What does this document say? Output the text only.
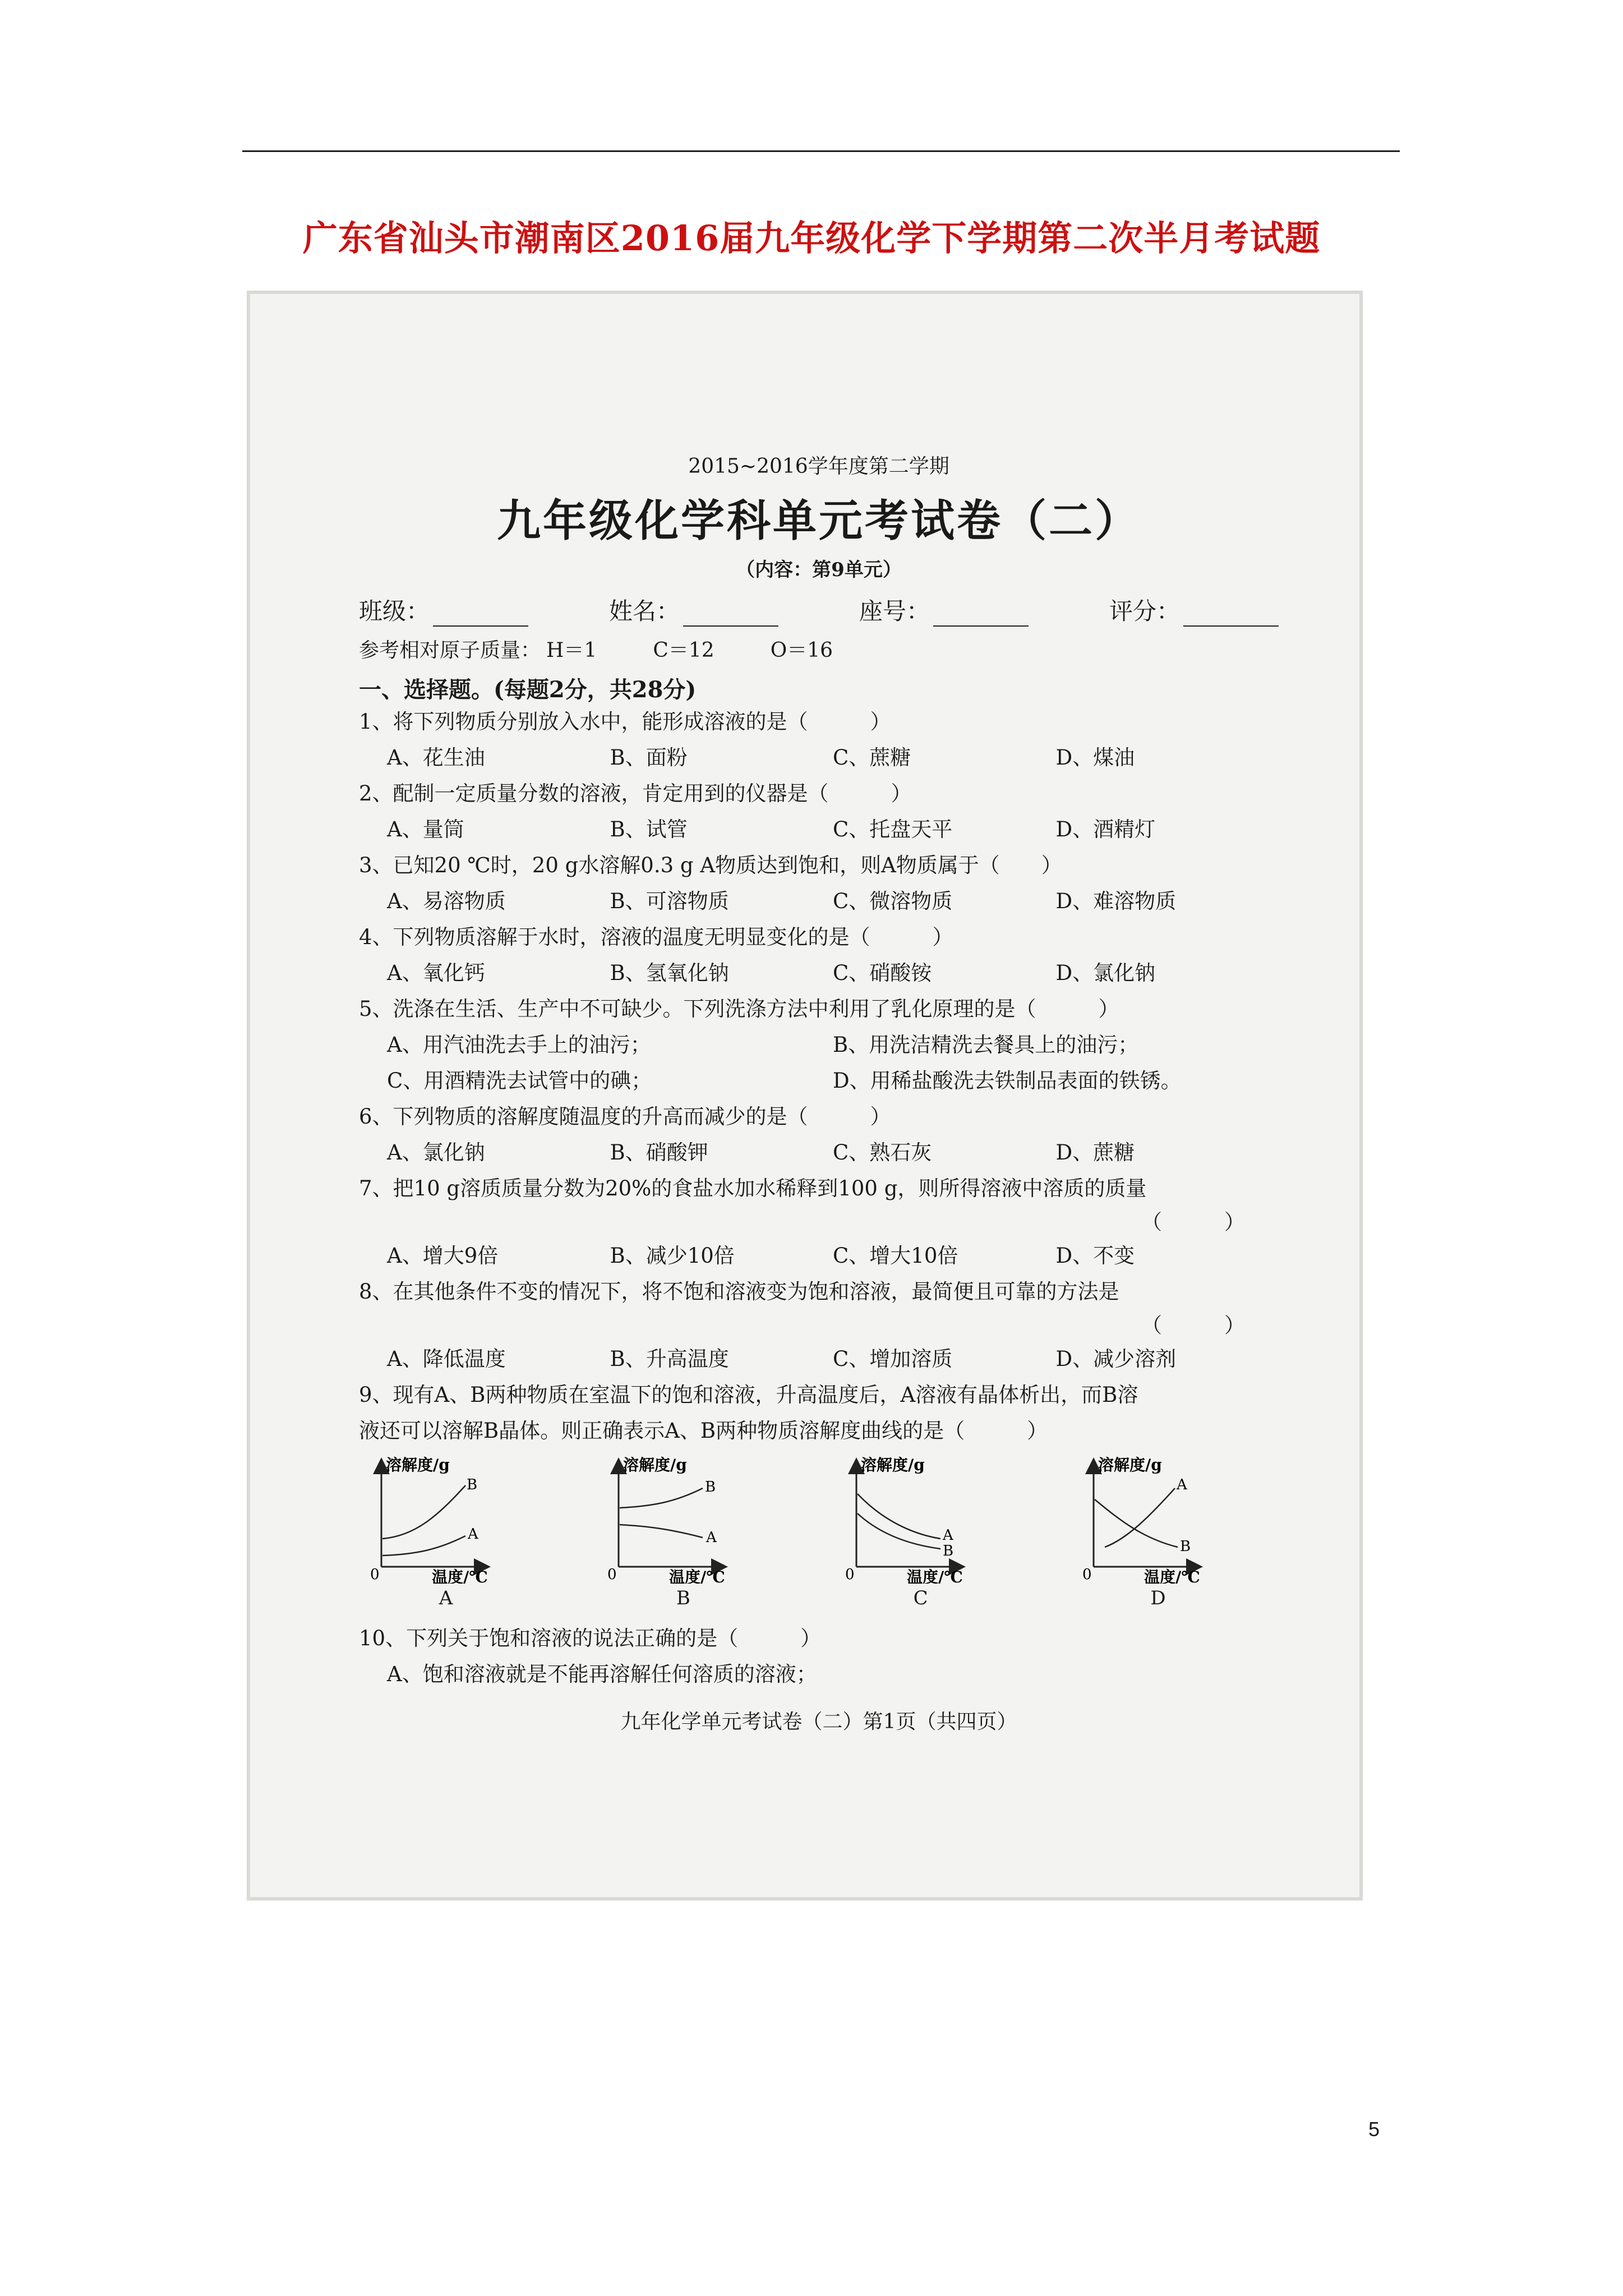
广东省汕头市潮南区2016届九年级化学下学期第二次半月考试题
2015~2016学年度第二学期
九年级化学科单元考试卷（二）
（内容：第9单元）
班级：	姓名：	座号：	评分：
参考相对原子质量： H＝1	C＝12	O＝16
一、选择题。(每题2分，共28分)
1、将下列物质分别放入水中，能形成溶液的是（　　　）
A、花生油	B、面粉	C、蔗糖	D、煤油
2、配制一定质量分数的溶液，肯定用到的仪器是（　　　）
A、量筒	B、试管	C、托盘天平	D、酒精灯
3、已知20 ℃时，20 g水溶解0.3 g A物质达到饱和，则A物质属于（　　）
A、易溶物质	B、可溶物质	C、微溶物质	D、难溶物质
4、下列物质溶解于水时，溶液的温度无明显变化的是（　　　）
A、氧化钙	B、氢氧化钠	C、硝酸铵	D、氯化钠
5、洗涤在生活、生产中不可缺少。下列洗涤方法中利用了乳化原理的是（　　　）
A、用汽油洗去手上的油污；	B、用洗洁精洗去餐具上的油污；
C、用酒精洗去试管中的碘；	D、用稀盐酸洗去铁制品表面的铁锈。
6、下列物质的溶解度随温度的升高而减少的是（　　　）
A、氯化钠	B、硝酸钾	C、熟石灰	D、蔗糖
7、把10 g溶质质量分数为20%的食盐水加水稀释到100 g，则所得溶液中溶质的质量
（　　　）
A、增大9倍	B、减少10倍	C、增大10倍	D、不变
8、在其他条件不变的情况下，将不饱和溶液变为饱和溶液，最简便且可靠的方法是
（　　　）
A、降低温度	B、升高温度	C、增加溶质	D、减少溶剂
9、现有A、B两种物质在室温下的饱和溶液，升高温度后，A溶液有晶体析出，而B溶
液还可以溶解B晶体。则正确表示A、B两种物质溶解度曲线的是（　　　）
溶解度/g
B
A
0	温度/℃
A
溶解度/g
B
A
0	温度/℃
B
溶解度/g
A
B
0	温度/℃
C
溶解度/g
A
B
0	温度/℃
D
10、下列关于饱和溶液的说法正确的是（　　　）
A、饱和溶液就是不能再溶解任何溶质的溶液；
九年化学单元考试卷（二）第1页（共四页）
5
